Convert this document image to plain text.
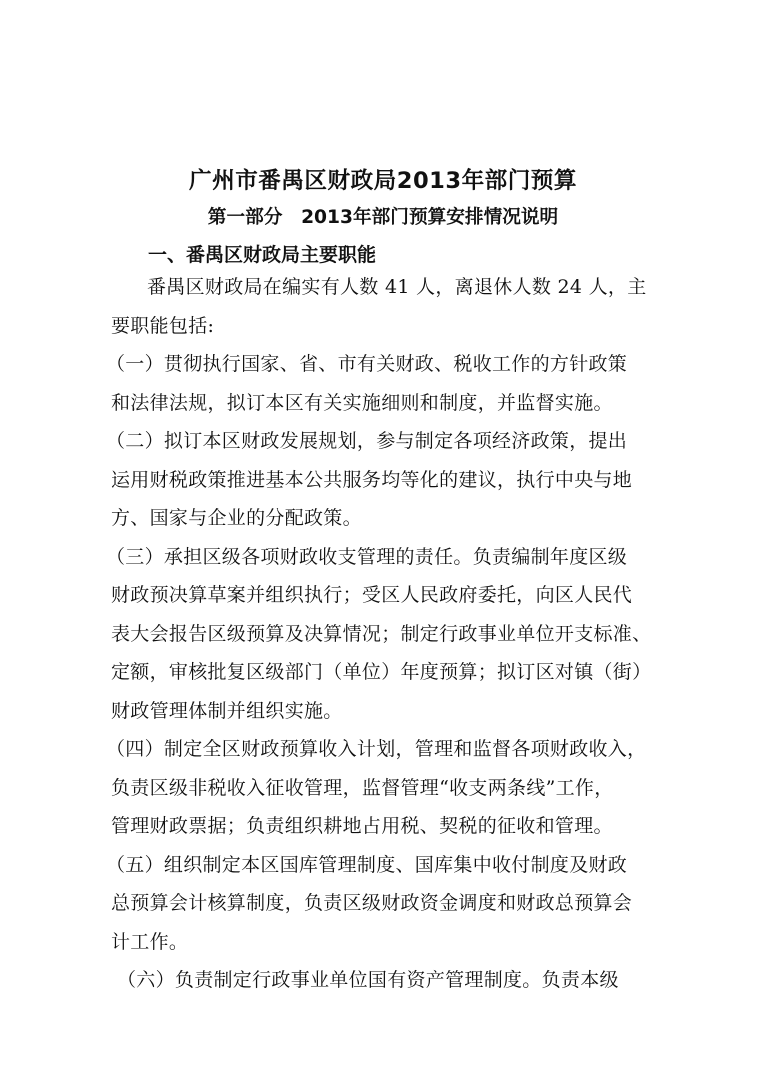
广州市番禺区财政局2013年部门预算
第一部分　2013年部门预算安排情况说明
一、番禺区财政局主要职能
番禺区财政局在编实有人数 41 人，离退休人数 24 人，主
要职能包括:
（一）贯彻执行国家、省、市有关财政、税收工作的方针政策
和法律法规，拟订本区有关实施细则和制度，并监督实施。
（二）拟订本区财政发展规划，参与制定各项经济政策，提出
运用财税政策推进基本公共服务均等化的建议，执行中央与地
方、国家与企业的分配政策。
（三）承担区级各项财政收支管理的责任。负责编制年度区级
财政预决算草案并组织执行；受区人民政府委托，向区人民代
表大会报告区级预算及决算情况；制定行政事业单位开支标准、
定额，审核批复区级部门（单位）年度预算；拟订区对镇（街）
财政管理体制并组织实施。
（四）制定全区财政预算收入计划，管理和监督各项财政收入，
负责区级非税收入征收管理，监督管理“收支两条线”工作，
管理财政票据；负责组织耕地占用税、契税的征收和管理。
（五）组织制定本区国库管理制度、国库集中收付制度及财政
总预算会计核算制度，负责区级财政资金调度和财政总预算会
计工作。
（六）负责制定行政事业单位国有资产管理制度。负责本级
